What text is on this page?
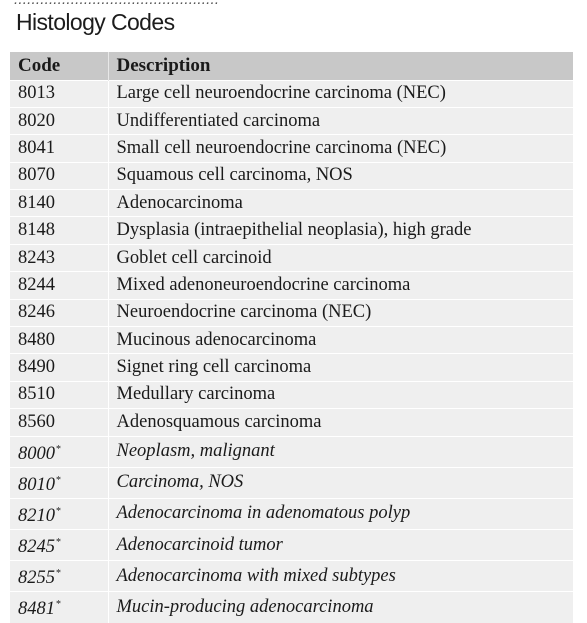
Histology Codes
Code	Description
8013	Large cell neuroendocrine carcinoma (NEC)
8020	Undifferentiated carcinoma
8041	Small cell neuroendocrine carcinoma (NEC)
8070	Squamous cell carcinoma, NOS
8140	Adenocarcinoma
8148	Dysplasia (intraepithelial neoplasia), high grade
8243	Goblet cell carcinoid
8244	Mixed adenoneuroendocrine carcinoma
8246	Neuroendocrine carcinoma (NEC)
8480	Mucinous adenocarcinoma
8490	Signet ring cell carcinoma
8510	Medullary carcinoma
8560	Adenosquamous carcinoma
8000*	Neoplasm, malignant
8010*	Carcinoma, NOS
8210*	Adenocarcinoma in adenomatous polyp
8245*	Adenocarcinoid tumor
8255*	Adenocarcinoma with mixed subtypes
8481*	Mucin-producing adenocarcinoma
